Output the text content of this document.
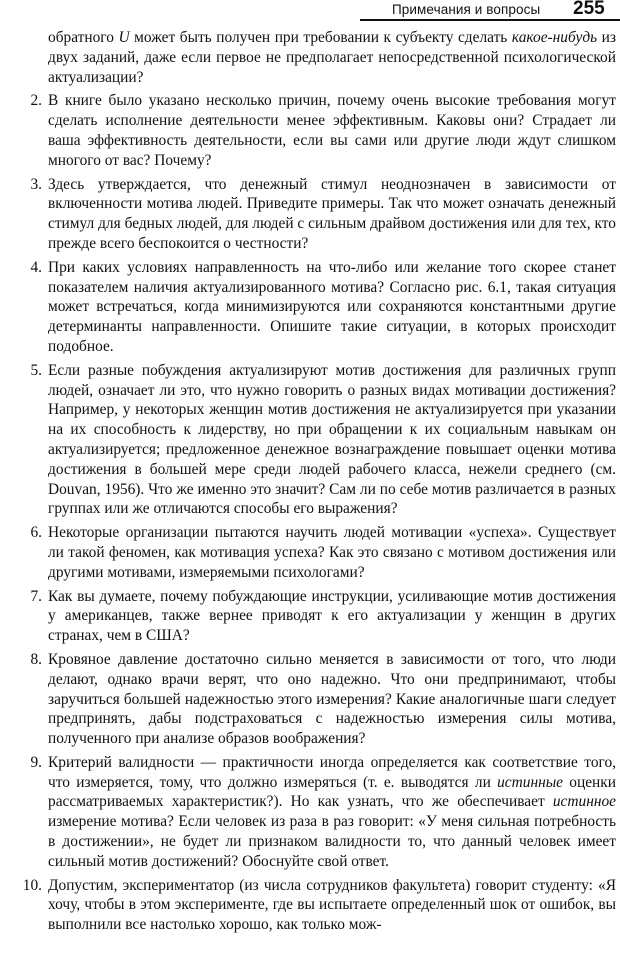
Примечания и вопросы 255
обратного U может быть получен при требовании к субъекту сделать какое-нибудь из двух заданий, даже если первое не предполагает непосредственной психологической актуализации?
2. В книге было указано несколько причин, почему очень высокие требования могут сделать исполнение деятельности менее эффективным. Каковы они? Страдает ли ваша эффективность деятельности, если вы сами или другие люди ждут слишком многого от вас? Почему?
3. Здесь утверждается, что денежный стимул неоднозначен в зависимости от включенности мотива людей. Приведите примеры. Так что может означать денежный стимул для бедных людей, для людей с сильным драйвом достижения или для тех, кто прежде всего беспокоится о честности?
4. При каких условиях направленность на что-либо или желание того скорее станет показателем наличия актуализированного мотива? Согласно рис. 6.1, такая ситуация может встречаться, когда минимизируются или сохраняются константными другие детерминанты направленности. Опишите такие ситуации, в которых происходит подобное.
5. Если разные побуждения актуализируют мотив достижения для различных групп людей, означает ли это, что нужно говорить о разных видах мотивации достижения? Например, у некоторых женщин мотив достижения не актуализируется при указании на их способность к лидерству, но при обращении к их социальным навыкам он актуализируется; предложенное денежное вознаграждение повышает оценки мотива достижения в большей мере среди людей рабочего класса, нежели среднего (см. Douvan, 1956). Что же именно это значит? Сам ли по себе мотив различается в разных группах или же отличаются способы его выражения?
6. Некоторые организации пытаются научить людей мотивации «успеха». Существует ли такой феномен, как мотивация успеха? Как это связано с мотивом достижения или другими мотивами, измеряемыми психологами?
7. Как вы думаете, почему побуждающие инструкции, усиливающие мотив достижения у американцев, также вернее приводят к его актуализации у женщин в других странах, чем в США?
8. Кровяное давление достаточно сильно меняется в зависимости от того, что люди делают, однако врачи верят, что оно надежно. Что они предпринимают, чтобы заручиться большей надежностью этого измерения? Какие аналогичные шаги следует предпринять, дабы подстраховаться с надежностью измерения силы мотива, полученного при анализе образов воображения?
9. Критерий валидности — практичности иногда определяется как соответствие того, что измеряется, тому, что должно измеряться (т. е. выводятся ли истинные оценки рассматриваемых характеристик?). Но как узнать, что же обеспечивает истинное измерение мотива? Если человек из раза в раз говорит: «У меня сильная потребность в достижении», не будет ли признаком валидности то, что данный человек имеет сильный мотив достижений? Обоснуйте свой ответ.
10. Допустим, экспериментатор (из числа сотрудников факультета) говорит студенту: «Я хочу, чтобы в этом эксперименте, где вы испытаете определенный шок от ошибок, вы выполнили все настолько хорошо, как только мож-
